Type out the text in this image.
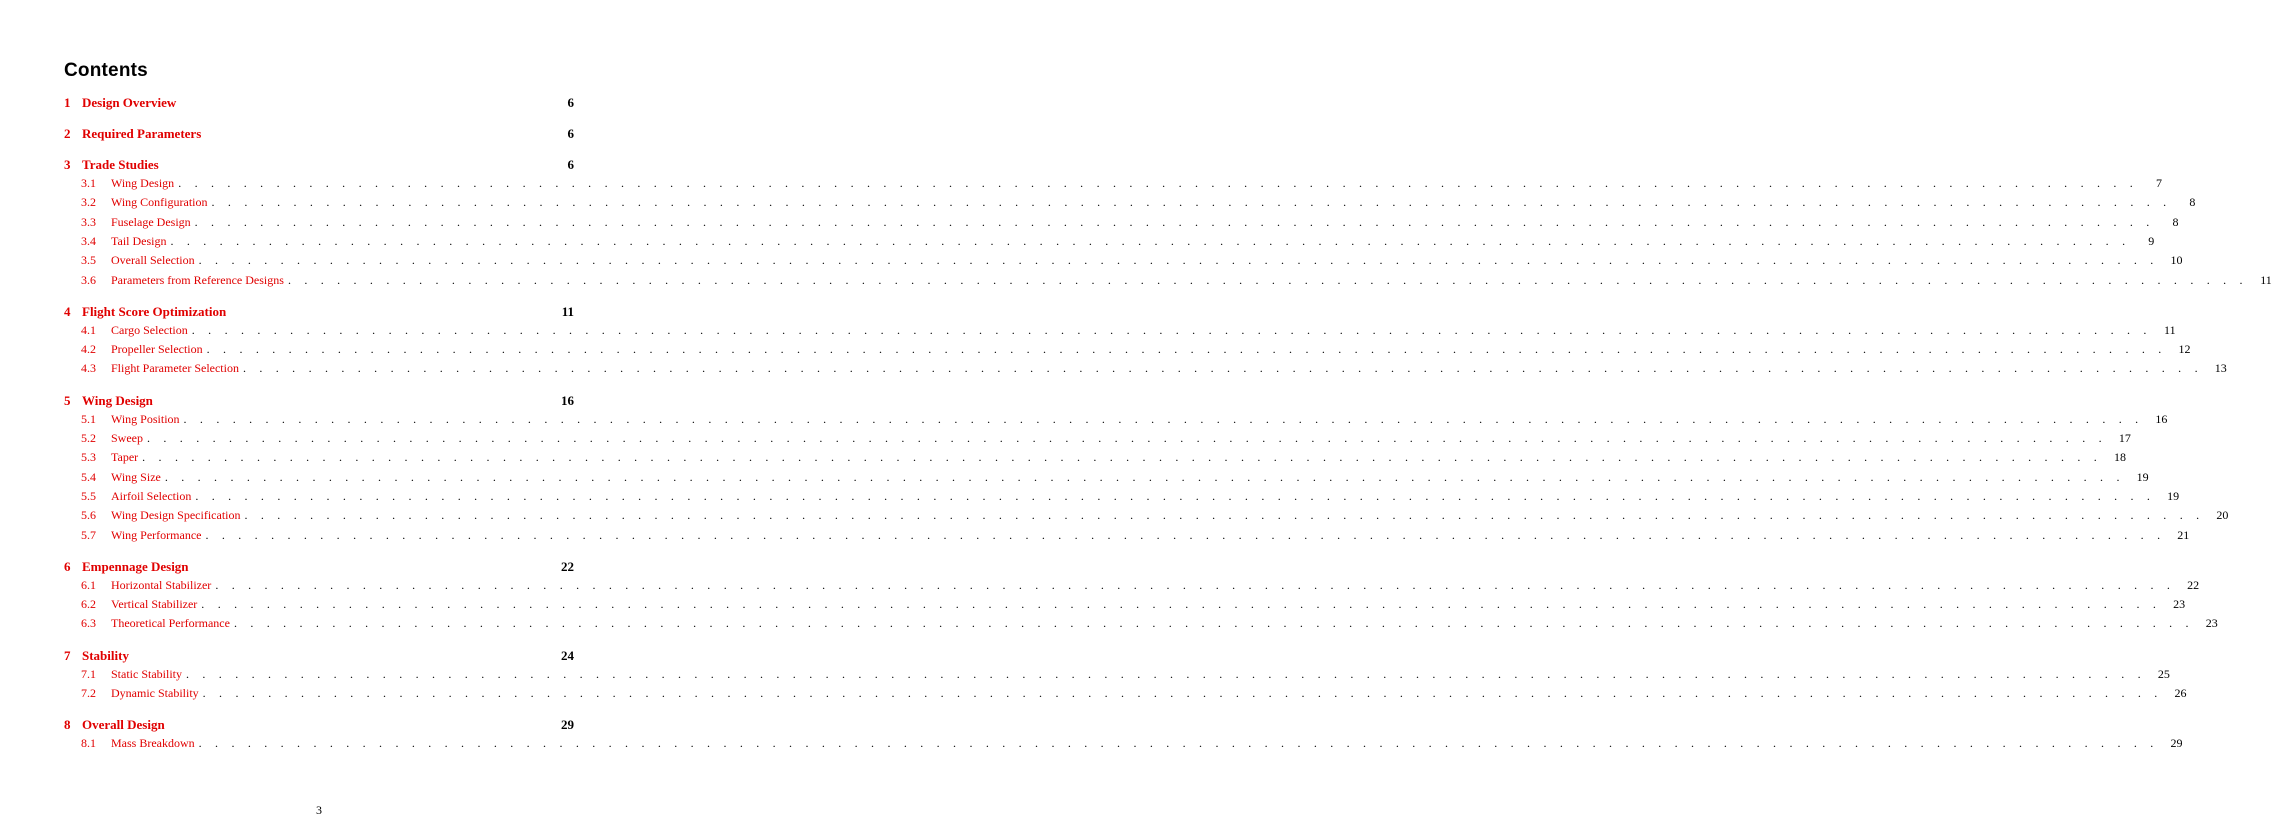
Contents
1 Design Overview	6
2 Required Parameters	6
3 Trade Studies	6
3.1	Wing Design . . . . . . . . . . . . . . . . . . . . . . . . . . . . . . . . . . . . . . . . . . . . . . . . . . . . . . . . . . . . . . . . . . . . . . . . . . . . . . . . . . . . . . . . . . . . . . . . . . . . . . . . . . . . . . . . . . . . . . . .	7
3.2	Wing Configuration . . . . . . . . . . . . . . . . . . . . . . . . . . . . . . . . . . . . . . . . . . . . . . . . . . . . . . . . . . . . . . . . . . . . . . . . . . . . . . . . . . . . . . . . . . . . . . . . . . . . . . . . . . . . . . . . . . . . . . . .	8
3.3	Fuselage Design . . . . . . . . . . . . . . . . . . . . . . . . . . . . . . . . . . . . . . . . . . . . . . . . . . . . . . . . . . . . . . . . . . . . . . . . . . . . . . . . . . . . . . . . . . . . . . . . . . . . . . . . . . . . . . . . . . . . . . . .	8
3.4	Tail Design . . . . . . . . . . . . . . . . . . . . . . . . . . . . . . . . . . . . . . . . . . . . . . . . . . . . . . . . . . . . . . . . . . . . . . . . . . . . . . . . . . . . . . . . . . . . . . . . . . . . . . . . . . . . . . . . . . . . . . . .	9
3.5	Overall Selection . . . . . . . . . . . . . . . . . . . . . . . . . . . . . . . . . . . . . . . . . . . . . . . . . . . . . . . . . . . . . . . . . . . . . . . . . . . . . . . . . . . . . . . . . . . . . . . . . . . . . . . . . . . . . . . . . . . . . . . .	10
3.6	Parameters from Reference Designs . . . . . . . . . . . . . . . . . . . . . . . . . . . . . . . . . . . . . . . . . . . . . . . . . . . . . . . . . . . . . . . . . . . . . . . . . . . . . . . . . . . . . . . . . . . . . . . . . . . . . . . . . . . . . . . . . . . . . . . .	11
4 Flight Score Optimization	11
4.1	Cargo Selection . . . . . . . . . . . . . . . . . . . . . . . . . . . . . . . . . . . . . . . . . . . . . . . . . . . . . . . . . . . . . . . . . . . . . . . . . . . . . . . . . . . . . . . . . . . . . . . . . . . . . . . . . . . . . . . . . . . . . . . .	11
4.2	Propeller Selection . . . . . . . . . . . . . . . . . . . . . . . . . . . . . . . . . . . . . . . . . . . . . . . . . . . . . . . . . . . . . . . . . . . . . . . . . . . . . . . . . . . . . . . . . . . . . . . . . . . . . . . . . . . . . . . . . . . . . . . .	12
4.3	Flight Parameter Selection . . . . . . . . . . . . . . . . . . . . . . . . . . . . . . . . . . . . . . . . . . . . . . . . . . . . . . . . . . . . . . . . . . . . . . . . . . . . . . . . . . . . . . . . . . . . . . . . . . . . . . . . . . . . . . . . . . . . . . . .	13
5 Wing Design	16
5.1	Wing Position . . . . . . . . . . . . . . . . . . . . . . . . . . . . . . . . . . . . . . . . . . . . . . . . . . . . . . . . . . . . . . . . . . . . . . . . . . . . . . . . . . . . . . . . . . . . . . . . . . . . . . . . . . . . . . . . . . . . . . . .	16
5.2	Sweep . . . . . . . . . . . . . . . . . . . . . . . . . . . . . . . . . . . . . . . . . . . . . . . . . . . . . . . . . . . . . . . . . . . . . . . . . . . . . . . . . . . . . . . . . . . . . . . . . . . . . . . . . . . . . . . . . . . . . . . .	17
5.3	Taper . . . . . . . . . . . . . . . . . . . . . . . . . . . . . . . . . . . . . . . . . . . . . . . . . . . . . . . . . . . . . . . . . . . . . . . . . . . . . . . . . . . . . . . . . . . . . . . . . . . . . . . . . . . . . . . . . . . . . . . .	18
5.4	Wing Size . . . . . . . . . . . . . . . . . . . . . . . . . . . . . . . . . . . . . . . . . . . . . . . . . . . . . . . . . . . . . . . . . . . . . . . . . . . . . . . . . . . . . . . . . . . . . . . . . . . . . . . . . . . . . . . . . . . . . . . .	19
5.5	Airfoil Selection . . . . . . . . . . . . . . . . . . . . . . . . . . . . . . . . . . . . . . . . . . . . . . . . . . . . . . . . . . . . . . . . . . . . . . . . . . . . . . . . . . . . . . . . . . . . . . . . . . . . . . . . . . . . . . . . . . . . . . . .	19
5.6	Wing Design Specification . . . . . . . . . . . . . . . . . . . . . . . . . . . . . . . . . . . . . . . . . . . . . . . . . . . . . . . . . . . . . . . . . . . . . . . . . . . . . . . . . . . . . . . . . . . . . . . . . . . . . . . . . . . . . . . . . . . . . . . .	20
5.7	Wing Performance . . . . . . . . . . . . . . . . . . . . . . . . . . . . . . . . . . . . . . . . . . . . . . . . . . . . . . . . . . . . . . . . . . . . . . . . . . . . . . . . . . . . . . . . . . . . . . . . . . . . . . . . . . . . . . . . . . . . . . . .	21
6 Empennage Design	22
6.1	Horizontal Stabilizer . . . . . . . . . . . . . . . . . . . . . . . . . . . . . . . . . . . . . . . . . . . . . . . . . . . . . . . . . . . . . . . . . . . . . . . . . . . . . . . . . . . . . . . . . . . . . . . . . . . . . . . . . . . . . . . . . . . . . . . .	22
6.2	Vertical Stabilizer . . . . . . . . . . . . . . . . . . . . . . . . . . . . . . . . . . . . . . . . . . . . . . . . . . . . . . . . . . . . . . . . . . . . . . . . . . . . . . . . . . . . . . . . . . . . . . . . . . . . . . . . . . . . . . . . . . . . . . . .	23
6.3	Theoretical Performance . . . . . . . . . . . . . . . . . . . . . . . . . . . . . . . . . . . . . . . . . . . . . . . . . . . . . . . . . . . . . . . . . . . . . . . . . . . . . . . . . . . . . . . . . . . . . . . . . . . . . . . . . . . . . . . . . . . . . . . .	23
7 Stability	24
7.1	Static Stability . . . . . . . . . . . . . . . . . . . . . . . . . . . . . . . . . . . . . . . . . . . . . . . . . . . . . . . . . . . . . . . . . . . . . . . . . . . . . . . . . . . . . . . . . . . . . . . . . . . . . . . . . . . . . . . . . . . . . . . .	25
7.2	Dynamic Stability . . . . . . . . . . . . . . . . . . . . . . . . . . . . . . . . . . . . . . . . . . . . . . . . . . . . . . . . . . . . . . . . . . . . . . . . . . . . . . . . . . . . . . . . . . . . . . . . . . . . . . . . . . . . . . . . . . . . . . . .	26
8 Overall Design	29
8.1	Mass Breakdown . . . . . . . . . . . . . . . . . . . . . . . . . . . . . . . . . . . . . . . . . . . . . . . . . . . . . . . . . . . . . . . . . . . . . . . . . . . . . . . . . . . . . . . . . . . . . . . . . . . . . . . . . . . . . . . . . . . . . . . .	29
3
